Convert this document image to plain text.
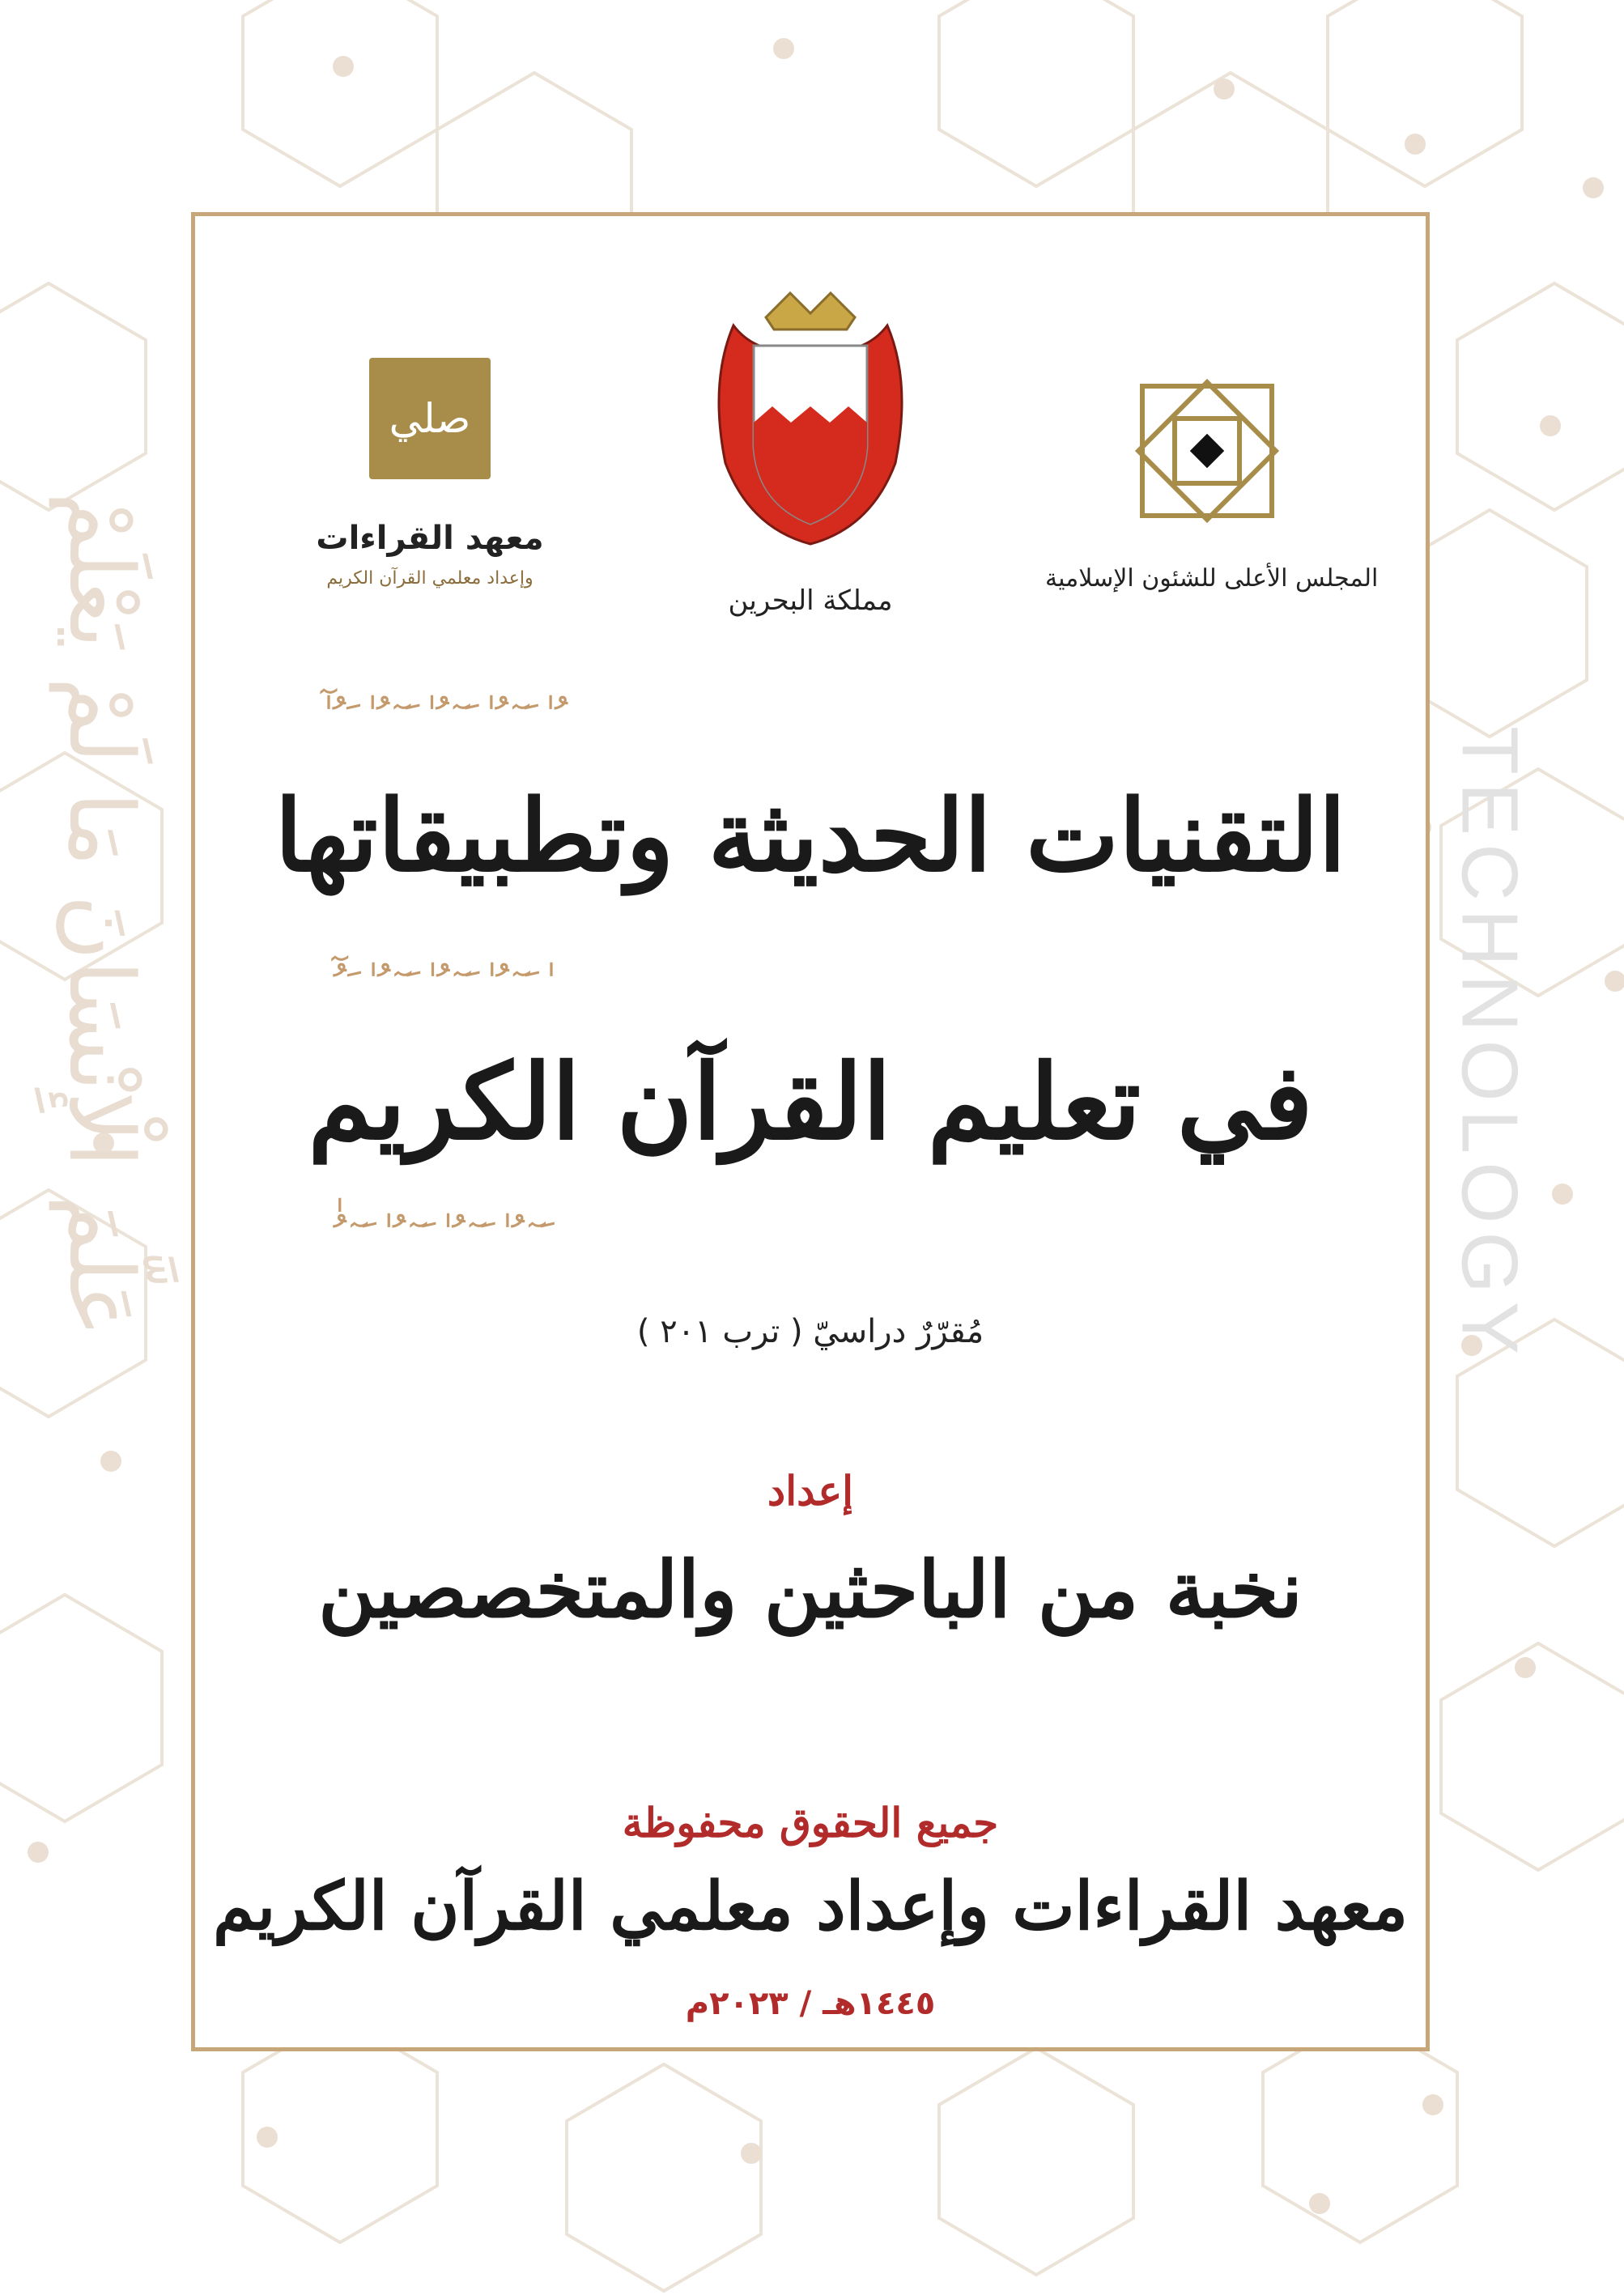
عَلَّمَ الْإِنْسَانَ مَا لَمْ يَعْلَمْ	TECHNOLOGY
صلي
معهد القراءات
وإعداد معلمي القرآن الكريم
مملكة البحرين
المجلس الأعلى للشئون الإسلامية
ٓ ٰ ُ َ ٰ ُ ٓ َ ٰ ُ ٓ َ ٰ ُ ٓ َ ٰ ُ
ُ ٓ َ ٰ ُ ٓ َ ٰ ُ ٓ َ ٰ ُ ٓ َ ٰ
ٰ ُ ٓ َ ٰ ُ ٓ َ ٰ ُ ٓ َ ٰ ُ ٓ َ
التقنيات الحديثة وتطبيقاتها
في تعليم القرآن الكريم
مُقرّرٌ دراسيّ ( ترب ٢٠١ )
إعداد
نخبة من الباحثين والمتخصصين
جميع الحقوق محفوظة
معهد القراءات وإعداد معلمي القرآن الكريم
١٤٤٥هـ / ٢٠٢٣م
